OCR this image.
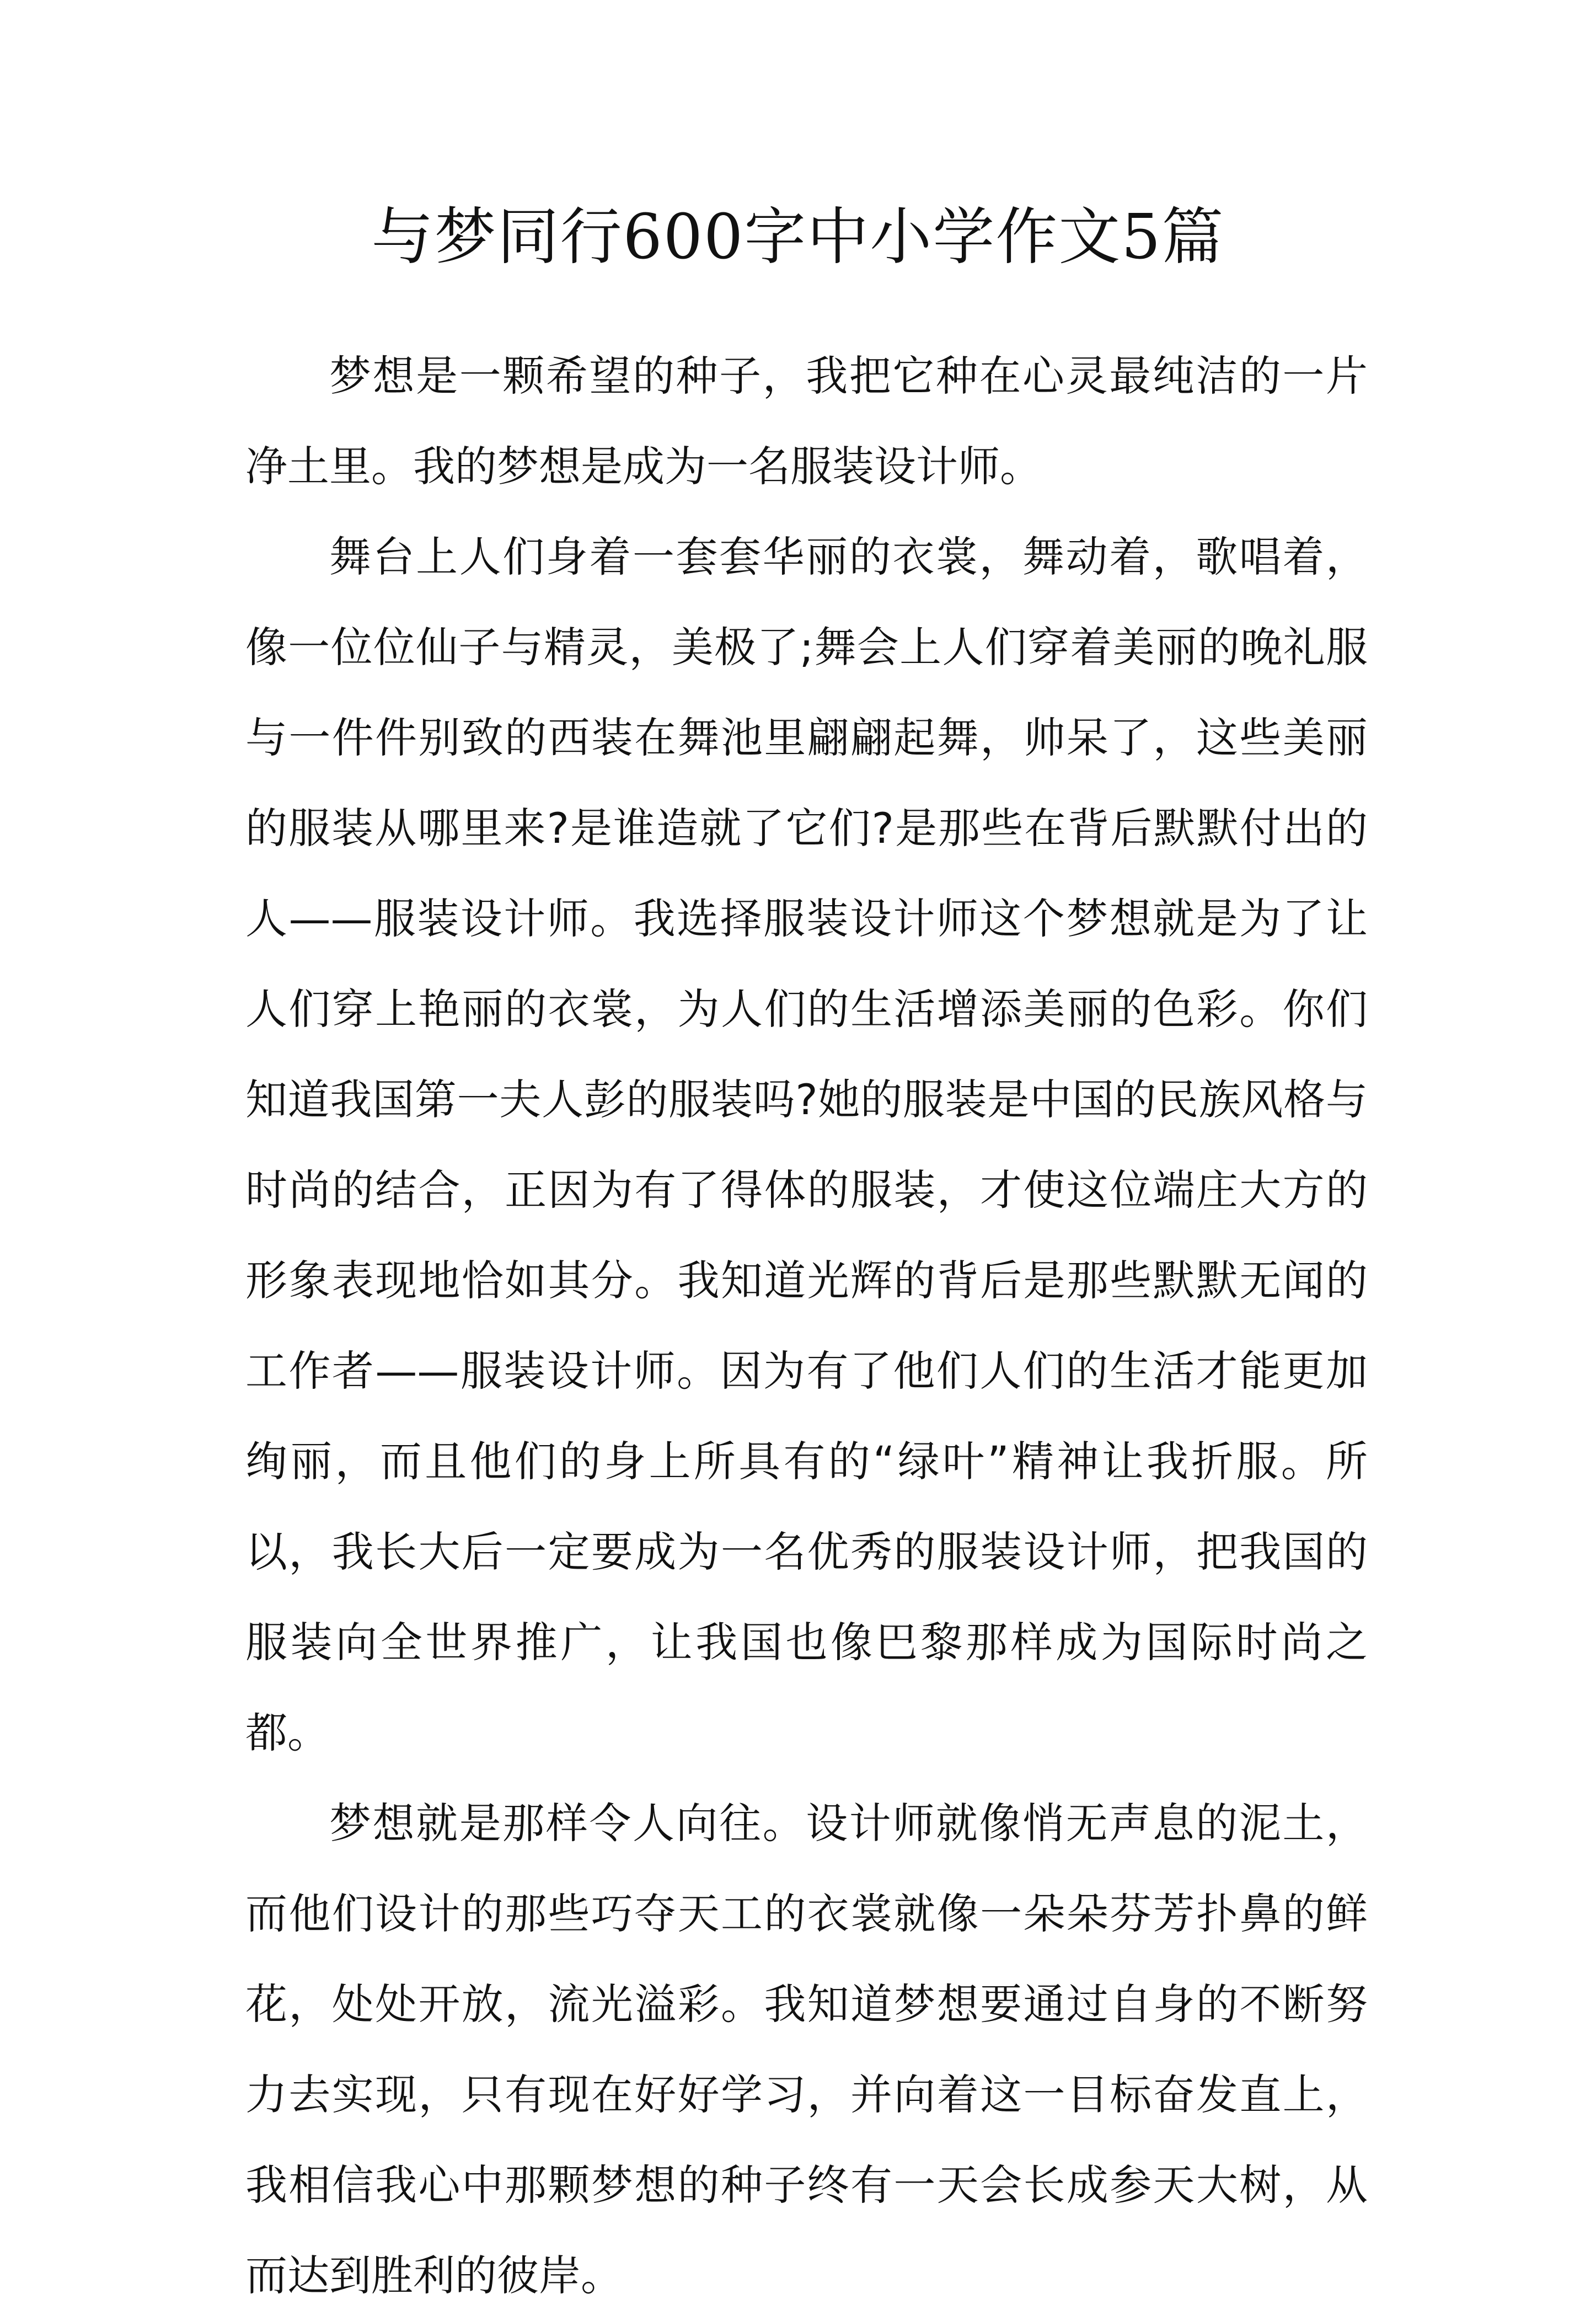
与梦同行600字中小学作文5篇

梦想是一颗希望的种子，我把它种在心灵最纯洁的一片净土里。我的梦想是成为一名服装设计师。

舞台上人们身着一套套华丽的衣裳，舞动着，歌唱着，像一位位仙子与精灵，美极了;舞会上人们穿着美丽的晚礼服与一件件别致的西装在舞池里翩翩起舞，帅呆了，这些美丽的服装从哪里来?是谁造就了它们?是那些在背后默默付出的人——服装设计师。我选择服装设计师这个梦想就是为了让人们穿上艳丽的衣裳，为人们的生活增添美丽的色彩。你们知道我国第一夫人彭的服装吗?她的服装是中国的民族风格与时尚的结合，正因为有了得体的服装，才使这位端庄大方的形象表现地恰如其分。我知道光辉的背后是那些默默无闻的工作者——服装设计师。因为有了他们人们的生活才能更加绚丽，而且他们的身上所具有的“绿叶”精神让我折服。所以，我长大后一定要成为一名优秀的服装设计师，把我国的服装向全世界推广，让我国也像巴黎那样成为国际时尚之都。

梦想就是那样令人向往。设计师就像悄无声息的泥土，而他们设计的那些巧夺天工的衣裳就像一朵朵芬芳扑鼻的鲜花，处处开放，流光溢彩。我知道梦想要通过自身的不断努力去实现，只有现在好好学习，并向着这一目标奋发直上，我相信我心中那颗梦想的种子终有一天会长成参天大树，从而达到胜利的彼岸。
